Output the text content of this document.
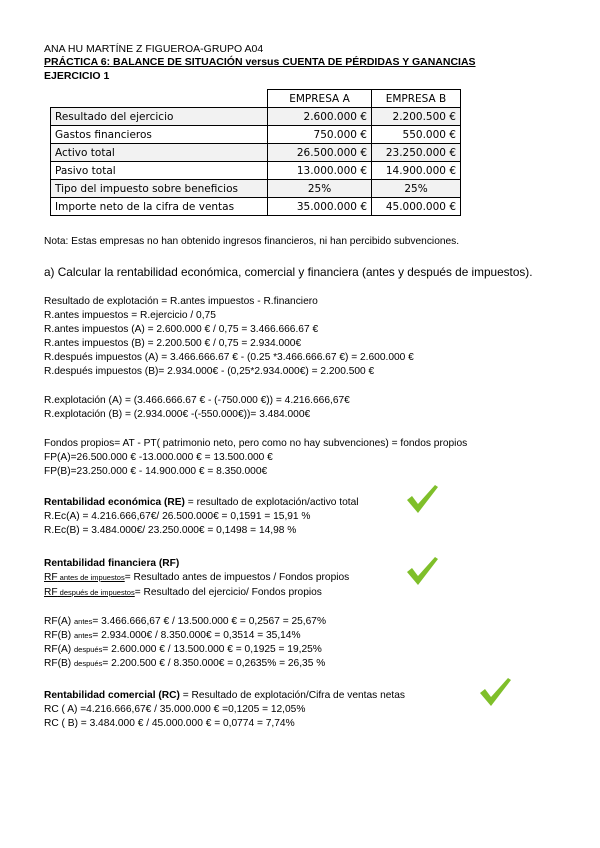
ANA HU MARTÍNE Z FIGUEROA-GRUPO A04
PRÁCTICA 6: BALANCE DE SITUACIÓN versus CUENTA DE PÉRDIDAS Y GANANCIAS
EJERCICIO 1
	EMPRESA A	EMPRESA B
Resultado del ejercicio	2.600.000 €	2.200.500 €
Gastos financieros	750.000 €	550.000 €
Activo total	26.500.000 €	23.250.000 €
Pasivo total	13.000.000 €	14.900.000 €
Tipo del impuesto sobre beneficios	25%	25%
Importe neto de la cifra de ventas	35.000.000 €	45.000.000 €
Nota: Estas empresas no han obtenido ingresos financieros, ni han percibido subvenciones.
a) Calcular la rentabilidad económica, comercial y financiera (antes y después de impuestos).
Resultado de explotación = R.antes impuestos - R.financiero
R.antes impuestos = R.ejercicio / 0,75
R.antes impuestos (A) = 2.600.000 € / 0,75 = 3.466.666.67 €
R.antes impuestos (B) = 2.200.500 € / 0,75 = 2.934.000€
R.después impuestos (A) = 3.466.666.67 € - (0.25 *3.466.666.67 €) = 2.600.000 €
R.después impuestos (B)= 2.934.000€ - (0,25*2.934.000€) = 2.200.500 €
R.explotación (A) = (3.466.666.67 € - (-750.000 €)) = 4.216.666,67€
R.explotación (B) = (2.934.000€ -(-550.000€))= 3.484.000€
Fondos propios= AT - PT( patrimonio neto, pero como no hay subvenciones) = fondos propios
FP(A)=26.500.000 € -13.000.000 € = 13.500.000 €
FP(B)=23.250.000 € - 14.900.000 € = 8.350.000€
Rentabilidad económica (RE) = resultado de explotación/activo total
R.Ec(A) = 4.216.666,67€/ 26.500.000€ = 0,1591 = 15,91 %
R.Ec(B) = 3.484.000€/ 23.250.000€ = 0,1498 = 14,98 %
Rentabilidad financiera (RF)
RF antes de impuestos= Resultado antes de impuestos / Fondos propios
RF después de impuestos= Resultado del ejercicio/ Fondos propios
RF(A) antes= 3.466.666,67 € / 13.500.000 € = 0,2567 = 25,67%
RF(B) antes= 2.934.000€ / 8.350.000€ = 0,3514 = 35,14%
RF(A) después= 2.600.000 € / 13.500.000 € = 0,1925 = 19,25%
RF(B) después= 2.200.500 € / 8.350.000€ = 0,2635% = 26,35 %
Rentabilidad comercial (RC) = Resultado de explotación/Cifra de ventas netas
RC ( A) =4.216.666,67€ / 35.000.000 € =0,1205 = 12,05%
RC ( B) = 3.484.000 € / 45.000.000 € = 0,0774 = 7,74%
